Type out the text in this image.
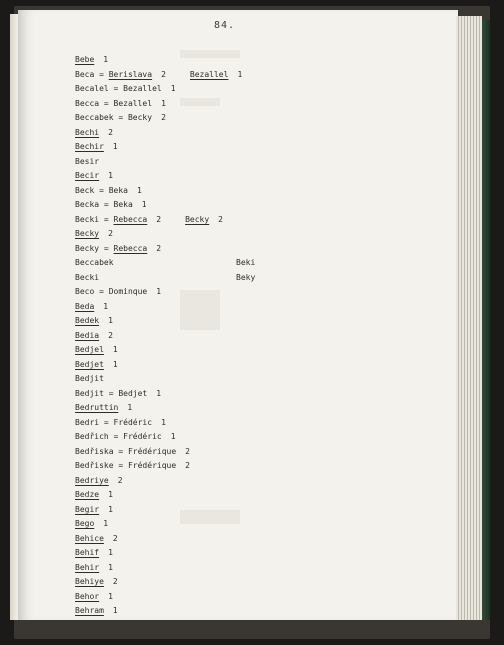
84.
Bebe 1
Beca = Berislava 2	Bezallel 1
Becalel = Bezallel 1
Becca = Bezallel 1
Beccabek = Becky 2
Bechi 2
Bechir 1
Besir
Becir 1
Beck = Beka 1
Becka = Beka 1
Becki = Rebecca 2	Becky 2
Becky 2
Becky = Rebecca 2
Beccabek	Beki
Becki	Beky
Beco = Dominque 1
Beda 1
Bedek 1
Bedia 2
Bedjel 1
Bedjet 1
Bedjit
Bedjit = Bedjet 1
Bedruttin 1
Bedri = Frédéric 1
Bedřich = Frédéric 1
Bedřiska = Frédérique 2
Bedřiske = Frédérique 2
Bedriye 2
Bedze 1
Begir 1
Bego 1
Behice 2
Behif 1
Behir 1
Behiye 2
Behor 1
Behram 1
